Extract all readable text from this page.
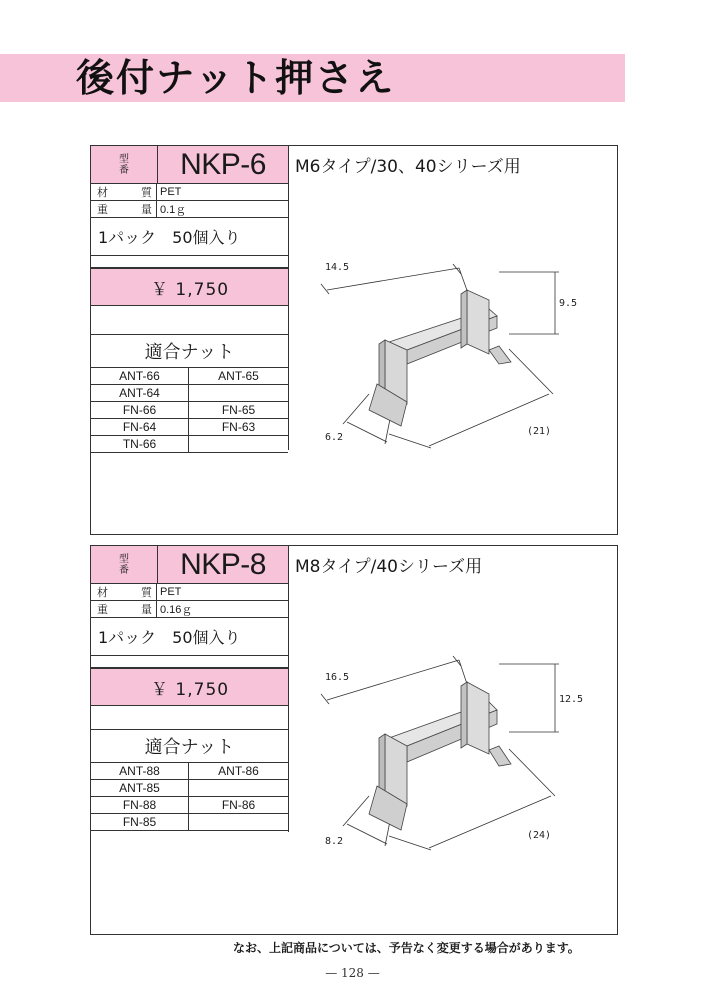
後付ナット押さえ
型
番	NKP-6
材	質 PET
重	量 0.1ｇ
1パック　50個入り
￥ 1,750
適合ナット
ANT-66	ANT-65
ANT-64
FN-66	FN-65
FN-64	FN-63
TN-66
M6タイプ/30、40シリーズ用
14.5
9.5
6.2
(21)
型
番	NKP-8
材	質 PET
重	量 0.16ｇ
1パック　50個入り
￥ 1,750
適合ナット
ANT-88	ANT-86
ANT-85
FN-88	FN-86
FN-85
M8タイプ/40シリーズ用
16.5
12.5
8.2
(24)
なお、上記商品については、予告なく変更する場合があります。
— 128 —
